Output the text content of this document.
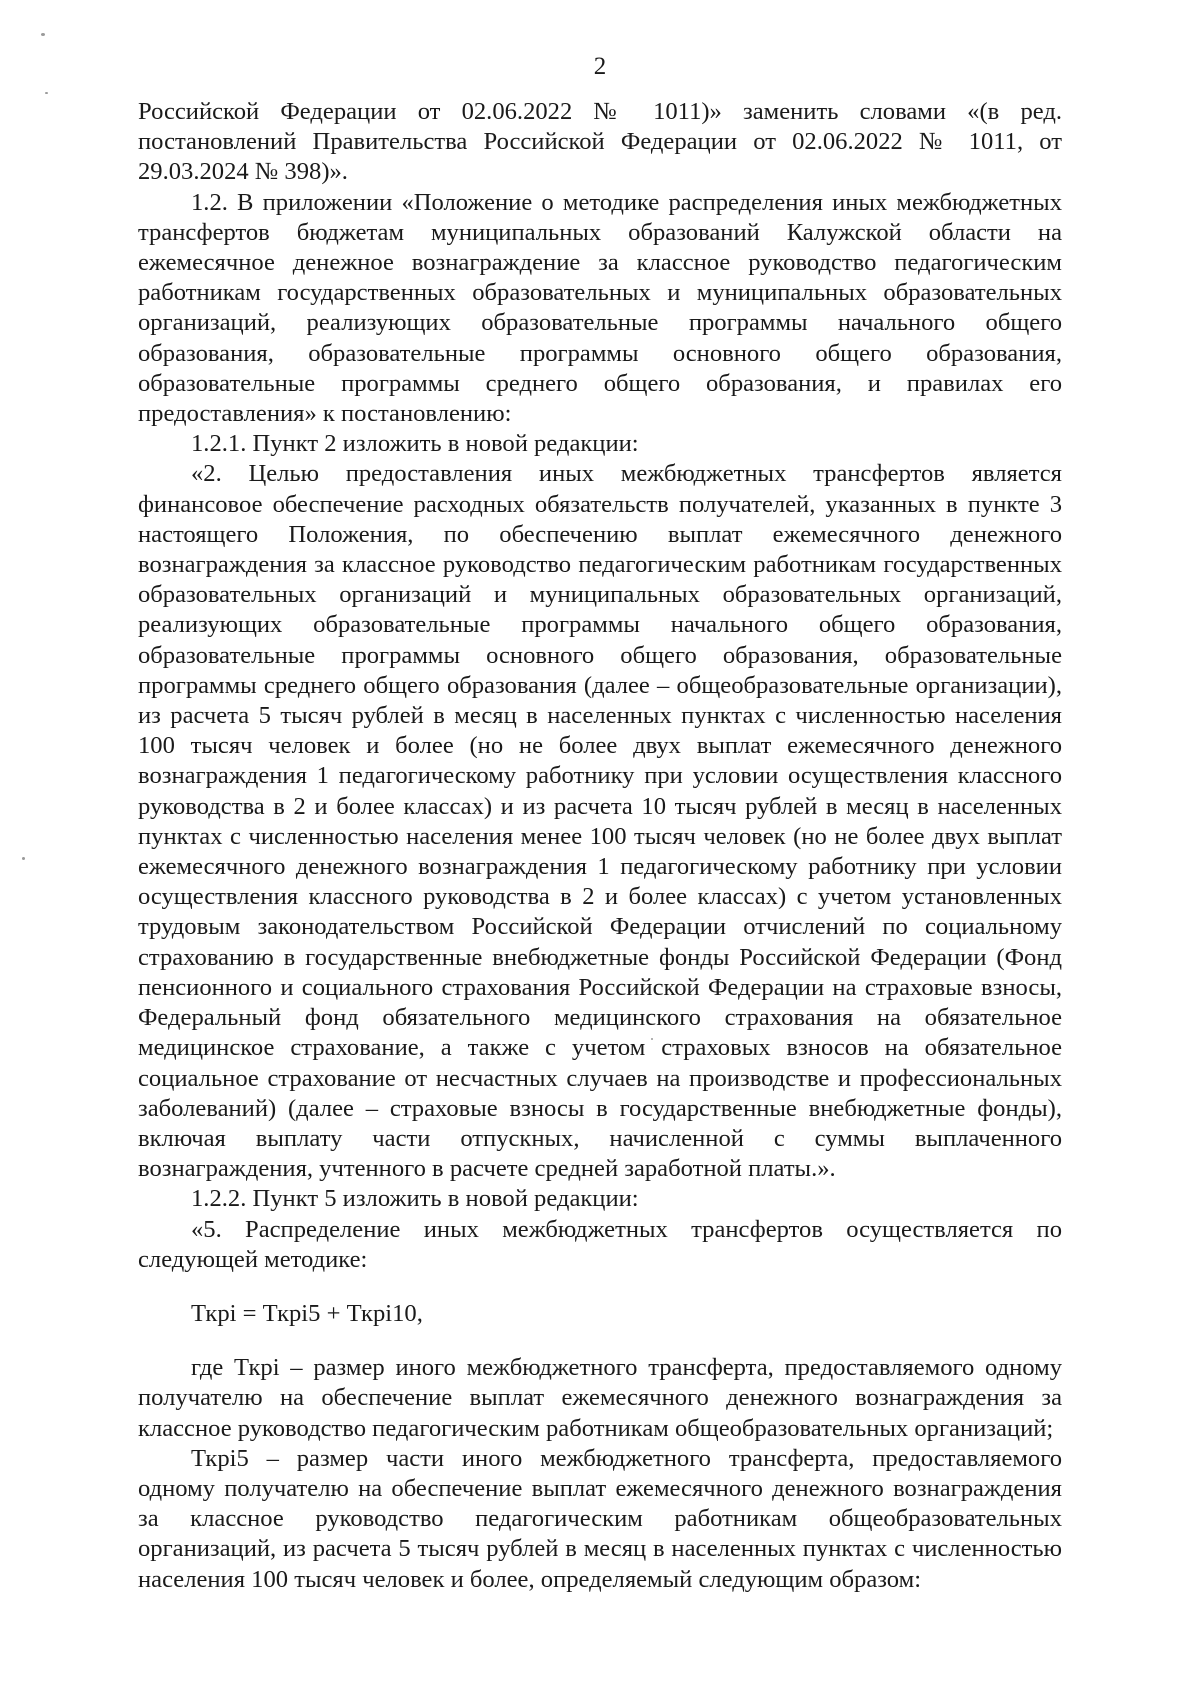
2

Российской Федерации от 02.06.2022 № 1011)» заменить словами «(в ред. постановлений Правительства Российской Федерации от 02.06.2022 № 1011, от 29.03.2024 № 398)».

1.2. В приложении «Положение о методике распределения иных межбюджетных трансфертов бюджетам муниципальных образований Калужской области на ежемесячное денежное вознаграждение за классное руководство педагогическим работникам государственных образовательных и муниципальных образовательных организаций, реализующих образовательные программы начального общего образования, образовательные программы основного общего образования, образовательные программы среднего общего образования, и правилах его предоставления» к постановлению:

1.2.1. Пункт 2 изложить в новой редакции:

«2. Целью предоставления иных межбюджетных трансфертов является финансовое обеспечение расходных обязательств получателей, указанных в пункте 3 настоящего Положения, по обеспечению выплат ежемесячного денежного вознаграждения за классное руководство педагогическим работникам государственных образовательных организаций и муниципальных образовательных организаций, реализующих образовательные программы начального общего образования, образовательные программы основного общего образования, образовательные программы среднего общего образования (далее – общеобразовательные организации), из расчета 5 тысяч рублей в месяц в населенных пунктах с численностью населения 100 тысяч человек и более (но не более двух выплат ежемесячного денежного вознаграждения 1 педагогическому работнику при условии осуществления классного руководства в 2 и более классах) и из расчета 10 тысяч рублей в месяц в населенных пунктах с численностью населения менее 100 тысяч человек (но не более двух выплат ежемесячного денежного вознаграждения 1 педагогическому работнику при условии осуществления классного руководства в 2 и более классах) с учетом установленных трудовым законодательством Российской Федерации отчислений по социальному страхованию в государственные внебюджетные фонды Российской Федерации (Фонд пенсионного и социального страхования Российской Федерации на страховые взносы, Федеральный фонд обязательного медицинского страхования на обязательное медицинское страхование, а также с учетом страховых взносов на обязательное социальное страхование от несчастных случаев на производстве и профессиональных заболеваний) (далее – страховые взносы в государственные внебюджетные фонды), включая выплату части отпускных, начисленной с суммы выплаченного вознаграждения, учтенного в расчете средней заработной платы.».

1.2.2. Пункт 5 изложить в новой редакции:

«5. Распределение иных межбюджетных трансфертов осуществляется по следующей методике:

Ткрi = Ткрi5 + Ткрi10,

где Ткрi – размер иного межбюджетного трансферта, предоставляемого одному получателю на обеспечение выплат ежемесячного денежного вознаграждения за классное руководство педагогическим работникам общеобразовательных организаций;

Ткрi5 – размер части иного межбюджетного трансферта, предоставляемого одному получателю на обеспечение выплат ежемесячного денежного вознаграждения за классное руководство педагогическим работникам общеобразовательных организаций, из расчета 5 тысяч рублей в месяц в населенных пунктах с численностью населения 100 тысяч человек и более, определяемый следующим образом:
